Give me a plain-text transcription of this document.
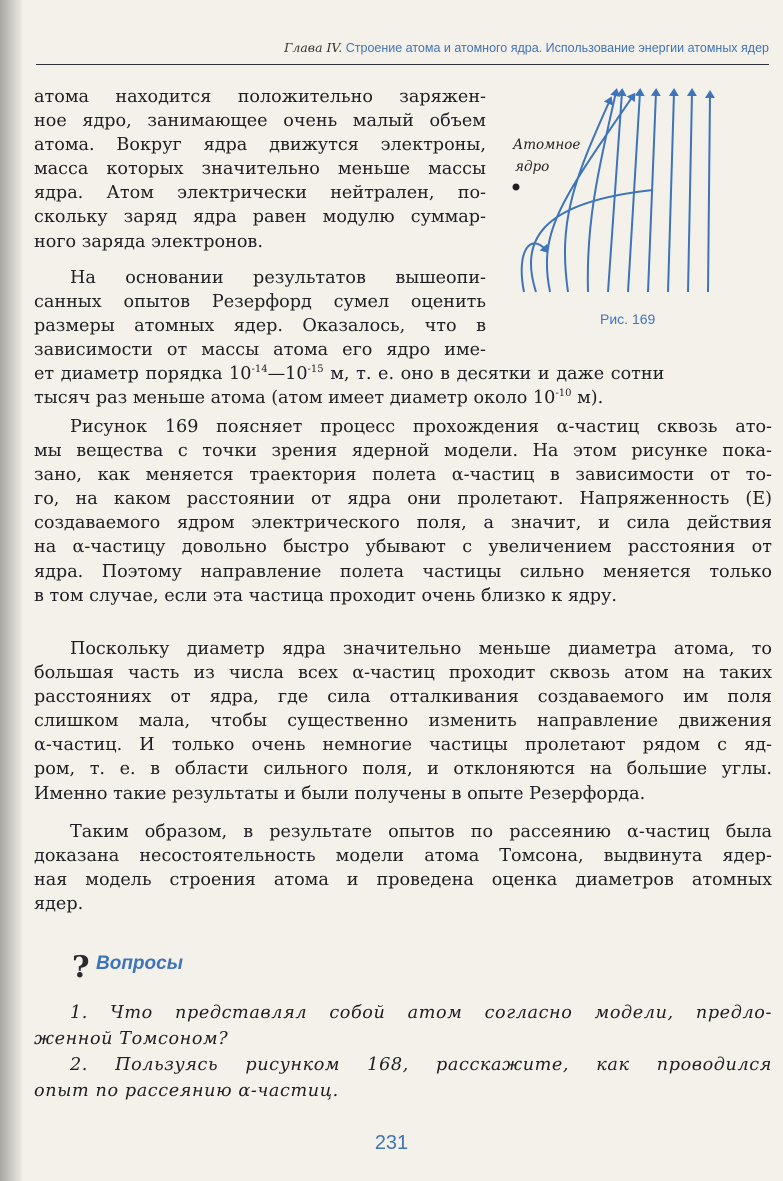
Глава IV. Строение атома и атомного ядра. Использование энергии атомных ядер
атома находится положительно заряжен-
ное ядро, занимающее очень малый объем
атома. Вокруг ядра движутся электроны,
масса которых значительно меньше массы
ядра. Атом электрически нейтрален, по-
скольку заряд ядра равен модулю суммар-
ного заряда электронов.
На основании результатов вышеопи-
санных опытов Резерфорд сумел оценить
размеры атомных ядер. Оказалось, что в
зависимости от массы атома его ядро име-
ет диаметр порядка $10^{-14}—10^{-15}$ м, т. е. оно в десятки и даже сотни
тысяч раз меньше атома (атом имеет диаметр около $10^{-10}$ м).
Рисунок 169 поясняет процесс прохождения α-частиц сквозь ато-
мы вещества с точки зрения ядерной модели. На этом рисунке пока-
зано, как меняется траектория полета α-частиц в зависимости от то-
го, на каком расстоянии от ядра они пролетают. Напряженность (E)
создаваемого ядром электрического поля, а значит, и сила действия
на α-частицу довольно быстро убывают с увеличением расстояния от
ядра. Поэтому направление полета частицы сильно меняется только
в том случае, если эта частица проходит очень близко к ядру.
Поскольку диаметр ядра значительно меньше диаметра атома, то
большая часть из числа всех α-частиц проходит сквозь атом на таких
расстояниях от ядра, где сила отталкивания создаваемого им поля
слишком мала, чтобы существенно изменить направление движения
α-частиц. И только очень немногие частицы пролетают рядом с яд-
ром, т. е. в области сильного поля, и отклоняются на большие углы.
Именно такие результаты и были получены в опыте Резерфорда.
Таким образом, в результате опытов по рассеянию α-частиц была
доказана несостоятельность модели атома Томсона, выдвинута ядер-
ная модель строения атома и проведена оценка диаметров атомных
ядер.
Атомное
ядро
Рис. 169
? Вопросы
1. Что представлял собой атом согласно модели, предло-
женной Томсоном?
2. Пользуясь рисунком 168, расскажите, как проводился
опыт по рассеянию α-частиц.
231
